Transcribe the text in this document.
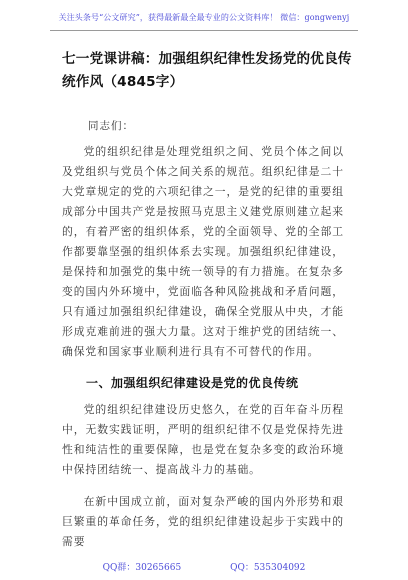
关注头条号“公文研究”，获得最新最全最专业的公文资料库！ 微信：gongwenyj
七一党课讲稿：加强组织纪律性发扬党的优良传统作风（4845字）
同志们：

党的组织纪律是处理党组织之间、党员个体之间以及党组织与党员个体之间关系的规范。组织纪律是二十大党章规定的党的六项纪律之一，是党的纪律的重要组成部分中国共产党是按照马克思主义建党原则建立起来的，有着严密的组织体系，党的全面领导、党的全部工作都要靠坚强的组织体系去实现。加强组织纪律建设，是保持和加强党的集中统一领导的有力措施。在复杂多变的国内外环境中，党面临各种风险挑战和矛盾问题，只有通过加强组织纪律建设，确保全党服从中央，才能形成克难前进的强大力量。这对于维护党的团结统一、确保党和国家事业顺利进行具有不可替代的作用。

一、加强组织纪律建设是党的优良传统

党的组织纪律建设历史悠久，在党的百年奋斗历程中，无数实践证明，严明的组织纪律不仅是党保持先进性和纯洁性的重要保障，也是党在复杂多变的政治环境中保持团结统一、提高战斗力的基础。

在新中国成立前，面对复杂严峻的国内外形势和艰巨繁重的革命任务，党的组织纪律建设起步于实践中的需要

QQ群：30265665	QQ：535304092
